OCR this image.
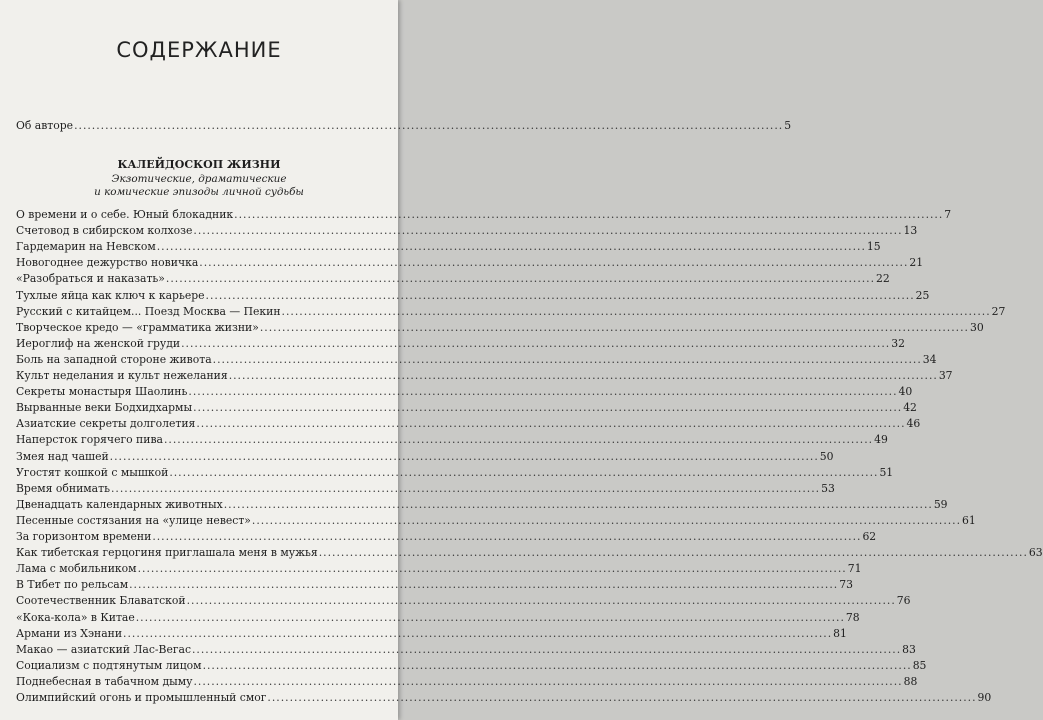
СОДЕРЖАНИЕ
Об авторе .....	5
КАЛЕЙДОСКОП ЖИЗНИ
Экзотические, драматические
и комические эпизоды личной судьбы
О времени и о себе. Юный блокадник .....	7
Счетовод в сибирском колхозе .....	13
Гардемарин на Невском .....	15
Новогоднее дежурство новичка .....	21
«Разобраться и наказать» .....	22
Тухлые яйца как ключ к карьере .....	25
Русский с китайцем... Поезд Москва — Пекин .....	27
Творческое кредо — «грамматика жизни» .....	30
Иероглиф на женской груди .....	32
Боль на западной стороне живота .....	34
Культ неделания и культ нежелания .....	37
Секреты монастыря Шаолинь .....	40
Вырванные веки Бодхидхармы .....	42
Азиатские секреты долголетия .....	46
Наперсток горячего пива .....	49
Змея над чашей .....	50
Угостят кошкой с мышкой .....	51
Время обнимать .....	53
Двенадцать календарных животных .....	59
Песенные состязания на «улице невест» .....	61
За горизонтом времени .....	62
Как тибетская герцогиня приглашала меня в мужья .....	63
Лама с мобильником .....	71
В Тибет по рельсам .....	73
Соотечественник Блаватской .....	76
«Кока-кола» в Китае .....	78
Армани из Хэнани .....	81
Макао — азиатский Лас-Вегас .....	83
Социализм с подтянутым лицом .....	85
Поднебесная в табачном дыму .....	88
Олимпийский огонь и промышленный смог .....	90
